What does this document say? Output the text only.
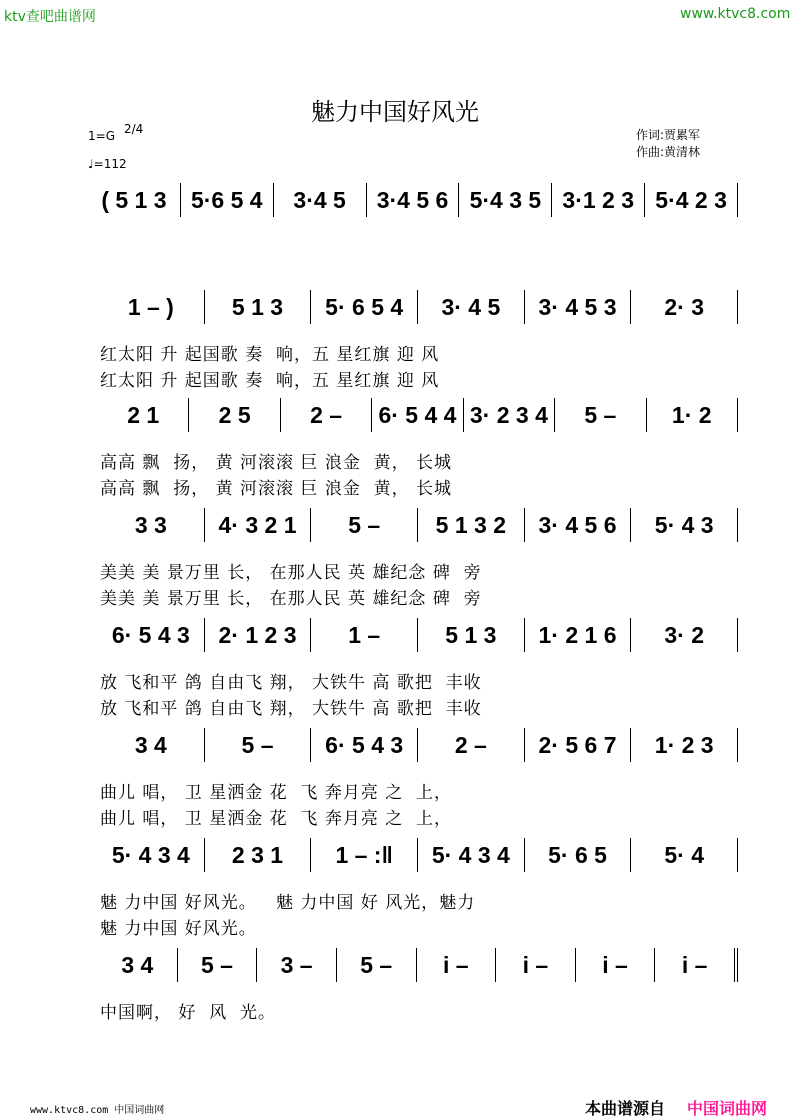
ktv查吧曲谱网	www.ktvc8.com
魅力中国好风光
1=G 2/4
♩=112
作词:贾累军
作曲:黄清林
( 5 1 3	5·6 5 4	3·4 5	3·4 5 6 5·4 3 5 3·1 2 3 5·4 2 3
1 – )	5 1 3	5· 6 5 4	3· 4 5	3· 4 5 3	2· 3
红太阳 升 起国歌 奏  响，五 星红旗 迎 风
红太阳 升 起国歌 奏  响，五 星红旗 迎 风
2 1	2 5	2 –	6· 5 4 4 3· 2 3 4	5 –	1· 2
高高 飘  扬， 黄 河滚滚 巨 浪金  黄， 长城
高高 飘  扬， 黄 河滚滚 巨 浪金  黄， 长城
3 3	4· 3 2 1	5 –	5 1 3 2	3· 4 5 6	5· 4 3
美美 美 景万里 长， 在那人民 英 雄纪念 碑  旁
美美 美 景万里 长， 在那人民 英 雄纪念 碑  旁
6· 5 4 3	2· 1 2 3	1 –	5 1 3	1· 2 1 6	3· 2
放 飞和平 鸽 自由飞 翔， 大铁牛 高 歌把  丰收
放 飞和平 鸽 自由飞 翔， 大铁牛 高 歌把  丰收
3 4	5 –	6· 5 4 3	2 –	2· 5 6 7	1· 2 3
曲儿 唱， 卫 星洒金 花  飞 奔月亮 之  上，
曲儿 唱， 卫 星洒金 花  飞 奔月亮 之  上，
5· 4 3 4	2 3 1	1 – :‖	5· 4 3 4	5· 6 5	5· 4
魅 力中国 好风光。   魅 力中国 好 风光，魅力
魅 力中国 好风光。
3 4	5 –	3 –	5 –	i –	i –	i –	i –
中国啊， 好  风  光。
www.ktvc8.com 中国词曲网	本曲谱源自 中国词曲网
